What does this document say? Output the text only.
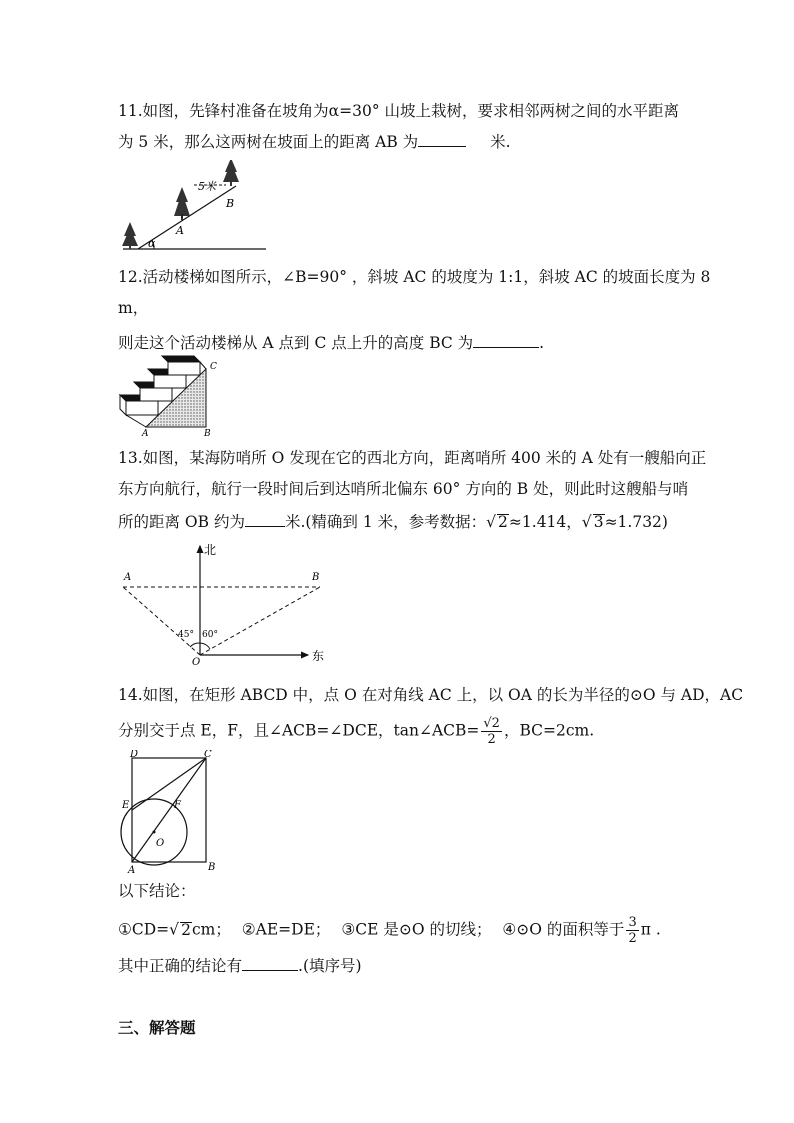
11.如图，先锋村准备在坡角为α=30° 山坡上栽树，要求相邻两树之间的水平距离
为 5 米，那么这两树在坡面上的距离 AB 为	米.
5米
B
A
α
12.活动楼梯如图所示，∠B=90° ，斜坡 AC 的坡度为 1:1，斜坡 AC 的坡面长度为 8
m，
则走这个活动楼梯从 A 点到 C 点上升的高度 BC 为	.
C
A	B
13.如图，某海防哨所 O 发现在它的西北方向，距离哨所 400 米的 A 处有一艘船向正
东方向航行，航行一段时间后到达哨所北偏东 60° 方向的 B 处，则此时这艘船与哨
所的距离 OB 约为	米.(精确到 1 米，参考数据：√ 2≈1.414，√ 3≈1.732)
北
东
A	B
O
45° 60°
14.如图，在矩形 ABCD 中，点 O 在对角线 AC 上，以 OA 的长为半径的⊙O 与 AD，AC
分别交于点 E，F，且∠ACB=∠DCE，tan∠ACB= $\frac{√2}{2}$ ，BC=2cm.
D	C
E	F
O
A	B
以下结论：
①CD=√ 2cm； ②AE=DE； ③CE 是⊙O 的切线； ④⊙O 的面积等于 $\frac{3}{2}$ π .
其中正确的结论有	.(填序号)
三、解答题
